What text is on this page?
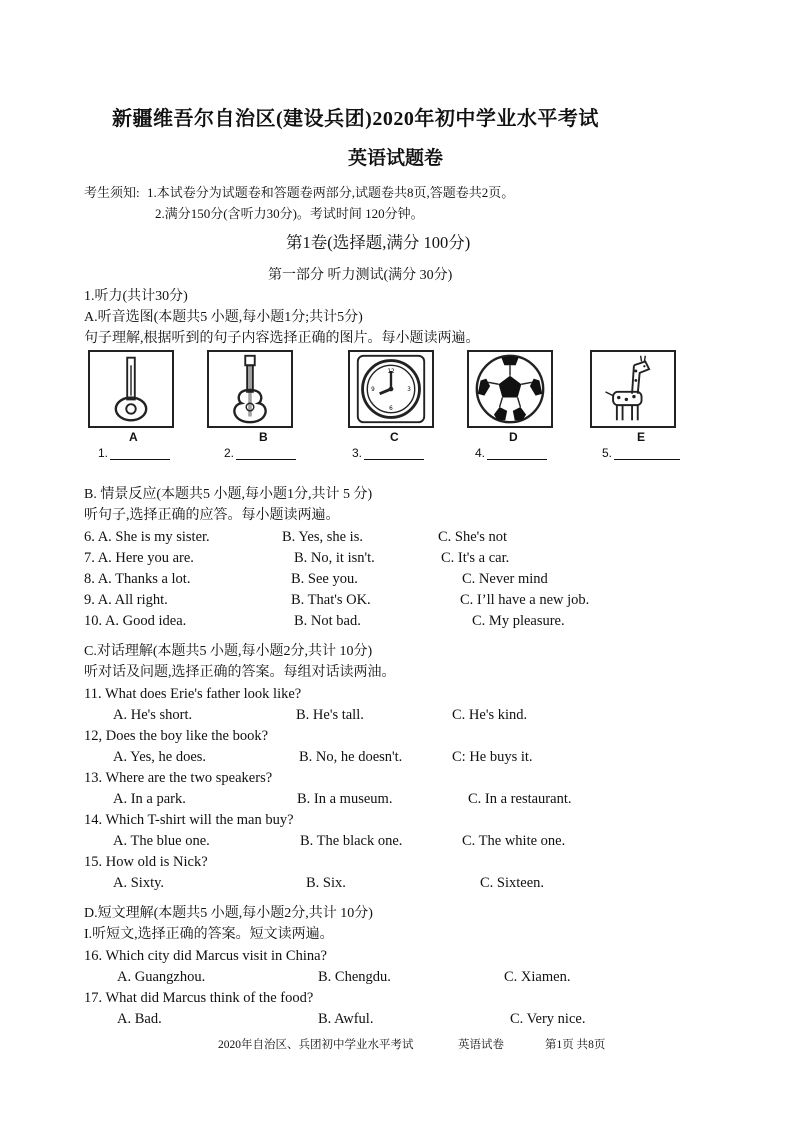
新疆维吾尔自治区(建设兵团)2020年初中学业水平考试
英语试题卷
考生须知: 1.本试卷分为试题卷和答题卷两部分,试题卷共8页,答题卷共2页。
2.满分150分(含听力30分)。考试时间 120分钟。
第1卷(选择题,满分 100分)
第一部分 听力测试(满分 30分)
1.听力(共计30分)
A.听音选图(本题共5 小题,每小题1分;共计5分)
句子理解,根据听到的句子内容选择正确的图片。每小题读两遍。
12
3
6
9
A	B	C	D	E
1.	2.	3.	4.	5.
B. 情景反应(本题共5 小题,每小题1分,共计 5 分)
听句子,选择正确的应答。每小题读两遍。
6. A. She is my sister.	B. Yes, she is.	C. She's not
7. A. Here you are.	B. No, it isn't.	C. It's a car.
8. A. Thanks a lot.	B. See you.	C. Never mind
9. A. All right.	B. That's OK.	C. I’ll have a new job.
10. A. Good idea.	B. Not bad.	C. My pleasure.
C.对话理解(本题共5 小题,每小题2分,共计 10分)
听对话及问题,选择正确的答案。每组对话读两油。
11. What does Erie's father look like?
A. He's short.	B. He's tall.	C. He's kind.
12, Does the boy like the book?
A. Yes, he does.	B. No, he doesn't.	C: He buys it.
13. Where are the two speakers?
A. In a park.	B. In a museum.	C. In a restaurant.
14. Which T-shirt will the man buy?
A. The blue one.	B. The black one.	C. The white one.
15. How old is Nick?
A. Sixty.	B. Six.	C. Sixteen.
D.短文理解(本题共5 小题,每小题2分,共计 10分)
I.听短文,选择正确的答案。短文读两遍。
16. Which city did Marcus visit in China?
A. Guangzhou.	B. Chengdu.	C. Xiamen.
17. What did Marcus think of the food?
A. Bad.	B. Awful.	C. Very nice.
2020年自治区、兵团初中学业水平考试	英语试卷	第1页 共8页
